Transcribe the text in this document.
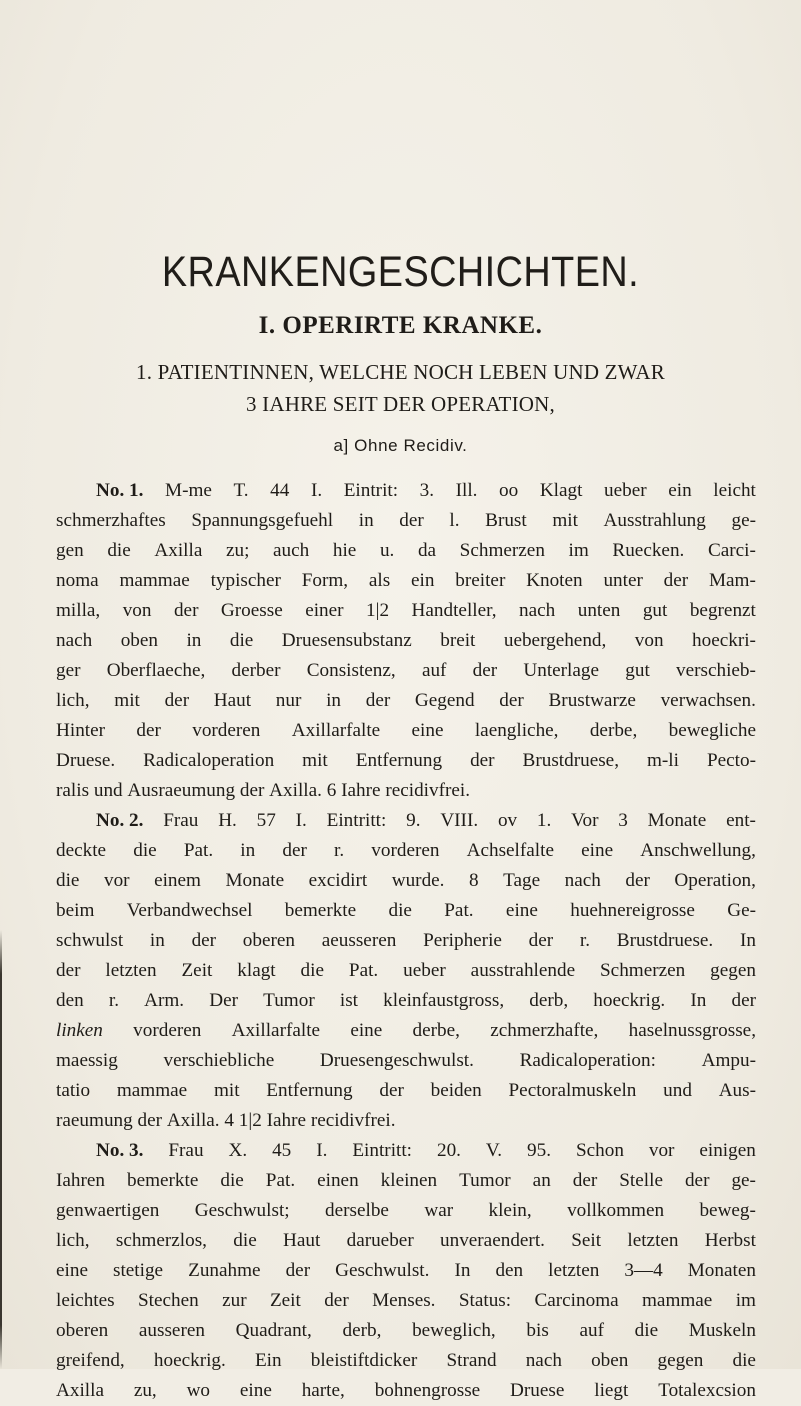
KRANKENGESCHICHTEN.
I. OPERIRTE KRANKE.
1. PATIENTINNEN, WELCHE NOCH LEBEN UND ZWAR
3 IAHRE SEIT DER OPERATION,
a] Ohne Recidiv.
No. 1. M-me T. 44 I. Eintrit: 3. Ill. oo Klagt ueber ein leicht
schmerzhaftes Spannungsgefuehl in der l. Brust mit Ausstrahlung ge-
gen die Axilla zu; auch hie u. da Schmerzen im Ruecken. Carci-
noma mammae typischer Form, als ein breiter Knoten unter der Mam-
milla, von der Groesse einer 1|2 Handteller, nach unten gut begrenzt
nach oben in die Druesensubstanz breit uebergehend, von hoeckri-
ger Oberflaeche, derber Consistenz, auf der Unterlage gut verschieb-
lich, mit der Haut nur in der Gegend der Brustwarze verwachsen.
Hinter der vorderen Axillarfalte eine laengliche, derbe, bewegliche
Druese. Radicaloperation mit Entfernung der Brustdruese, m-li Pecto-
ralis und Ausraeumung der Axilla. 6 Iahre recidivfrei.
No. 2. Frau H. 57 I. Eintritt: 9. VIII. ov 1. Vor 3 Monate ent-
deckte die Pat. in der r. vorderen Achselfalte eine Anschwellung,
die vor einem Monate excidirt wurde. 8 Tage nach der Operation,
beim Verbandwechsel bemerkte die Pat. eine huehnereigrosse Ge-
schwulst in der oberen aeusseren Peripherie der r. Brustdruese. In
der letzten Zeit klagt die Pat. ueber ausstrahlende Schmerzen gegen
den r. Arm. Der Tumor ist kleinfaustgross, derb, hoeckrig. In der
linken vorderen Axillarfalte eine derbe, zchmerzhafte, haselnussgrosse,
maessig verschiebliche Druesengeschwulst. Radicaloperation: Ampu-
tatio mammae mit Entfernung der beiden Pectoralmuskeln und Aus-
raeumung der Axilla. 4 1|2 Iahre recidivfrei.
No. 3. Frau X. 45 I. Eintritt: 20. V. 95. Schon vor einigen
Iahren bemerkte die Pat. einen kleinen Tumor an der Stelle der ge-
genwaertigen Geschwulst; derselbe war klein, vollkommen beweg-
lich, schmerzlos, die Haut darueber unveraendert. Seit letzten Herbst
eine stetige Zunahme der Geschwulst. In den letzten 3—4 Monaten
leichtes Stechen zur Zeit der Menses. Status: Carcinoma mammae im
oberen ausseren Quadrant, derb, beweglich, bis auf die Muskeln
greifend, hoeckrig. Ein bleistiftdicker Strand nach oben gegen die
Axilla zu, wo eine harte, bohnengrosse Druese liegt Totalexcsion
